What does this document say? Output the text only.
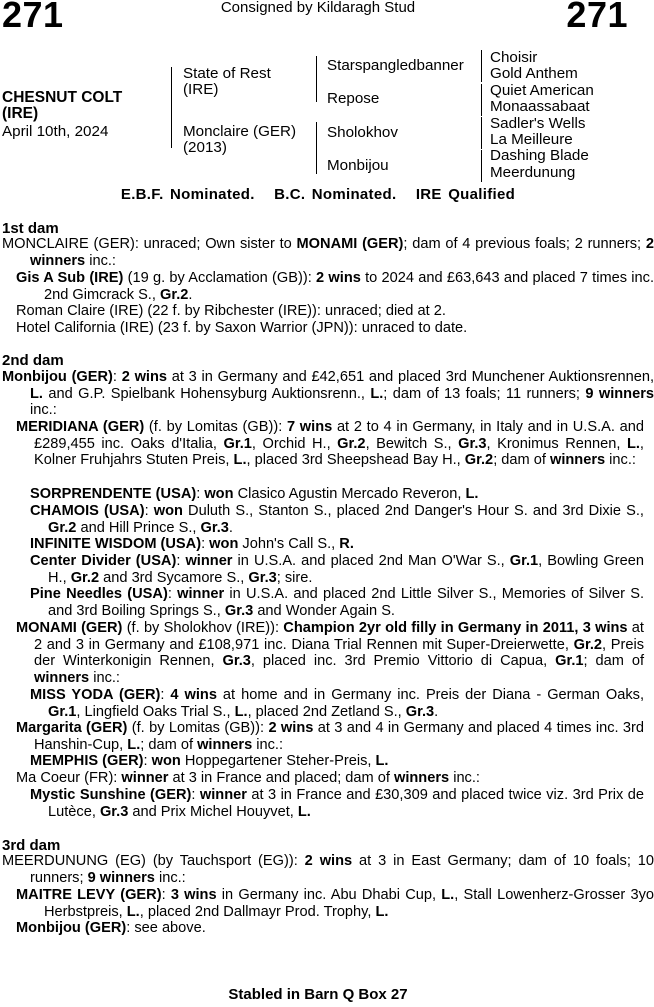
271	Consigned by Kildaragh Stud	271
CHESNUT COLT
(IRE)
April 10th, 2024
State of Rest
(IRE)
Monclaire (GER)
(2013)
Starspangledbanner
Repose
Sholokhov
Monbijou
Choisir
Gold Anthem
Quiet American
Monaassabaat
Sadler's Wells
La Meilleure
Dashing Blade
Meerdunung
E.B.F. Nominated.   B.C. Nominated.   IRE Qualified
1st dam
MONCLAIRE (GER): unraced; Own sister to MONAMI (GER); dam of 4 previous foals; 2 runners; 2 winners inc.:
Gis A Sub (IRE) (19 g. by Acclamation (GB)): 2 wins to 2024 and £63,643 and placed 7 times inc. 2nd Gimcrack S., Gr.2.
Roman Claire (IRE) (22 f. by Ribchester (IRE)): unraced; died at 2.
Hotel California (IRE) (23 f. by Saxon Warrior (JPN)): unraced to date.
2nd dam
Monbijou (GER): 2 wins at 3 in Germany and £42,651 and placed 3rd Munchener Auktionsrennen, L. and G.P. Spielbank Hohensyburg Auktionsrenn., L.; dam of 13 foals; 11 runners; 9 winners inc.:
MERIDIANA (GER) (f. by Lomitas (GB)): 7 wins at 2 to 4 in Germany, in Italy and in U.S.A. and £289,455 inc. Oaks d'Italia, Gr.1, Orchid H., Gr.2, Bewitch S., Gr.3, Kronimus Rennen, L., Kolner Fruhjahrs Stuten Preis, L., placed 3rd Sheepshead Bay H., Gr.2; dam of winners inc.:
SORPRENDENTE (USA): won Clasico Agustin Mercado Reveron, L.
CHAMOIS (USA): won Duluth S., Stanton S., placed 2nd Danger's Hour S. and 3rd Dixie S., Gr.2 and Hill Prince S., Gr.3.
INFINITE WISDOM (USA): won John's Call S., R.
Center Divider (USA): winner in U.S.A. and placed 2nd Man O'War S., Gr.1, Bowling Green H., Gr.2 and 3rd Sycamore S., Gr.3; sire.
Pine Needles (USA): winner in U.S.A. and placed 2nd Little Silver S., Memories of Silver S. and 3rd Boiling Springs S., Gr.3 and Wonder Again S.
MONAMI (GER) (f. by Sholokhov (IRE)): Champion 2yr old filly in Germany in 2011, 3 wins at 2 and 3 in Germany and £108,971 inc. Diana Trial Rennen mit Super-Dreierwette, Gr.2, Preis der Winterkonigin Rennen, Gr.3, placed inc. 3rd Premio Vittorio di Capua, Gr.1; dam of winners inc.:
MISS YODA (GER): 4 wins at home and in Germany inc. Preis der Diana - German Oaks, Gr.1, Lingfield Oaks Trial S., L., placed 2nd Zetland S., Gr.3.
Margarita (GER) (f. by Lomitas (GB)): 2 wins at 3 and 4 in Germany and placed 4 times inc. 3rd Hanshin-Cup, L.; dam of winners inc.:
MEMPHIS (GER): won Hoppegartener Steher-Preis, L.
Ma Coeur (FR): winner at 3 in France and placed; dam of winners inc.:
Mystic Sunshine (GER): winner at 3 in France and £30,309 and placed twice viz. 3rd Prix de Lutèce, Gr.3 and Prix Michel Houyvet, L.
3rd dam
MEERDUNUNG (EG) (by Tauchsport (EG)): 2 wins at 3 in East Germany; dam of 10 foals; 10 runners; 9 winners inc.:
MAITRE LEVY (GER): 3 wins in Germany inc. Abu Dhabi Cup, L., Stall Lowenherz-Grosser 3yo Herbstpreis, L., placed 2nd Dallmayr Prod. Trophy, L.
Monbijou (GER): see above.
Stabled in Barn Q Box 27
